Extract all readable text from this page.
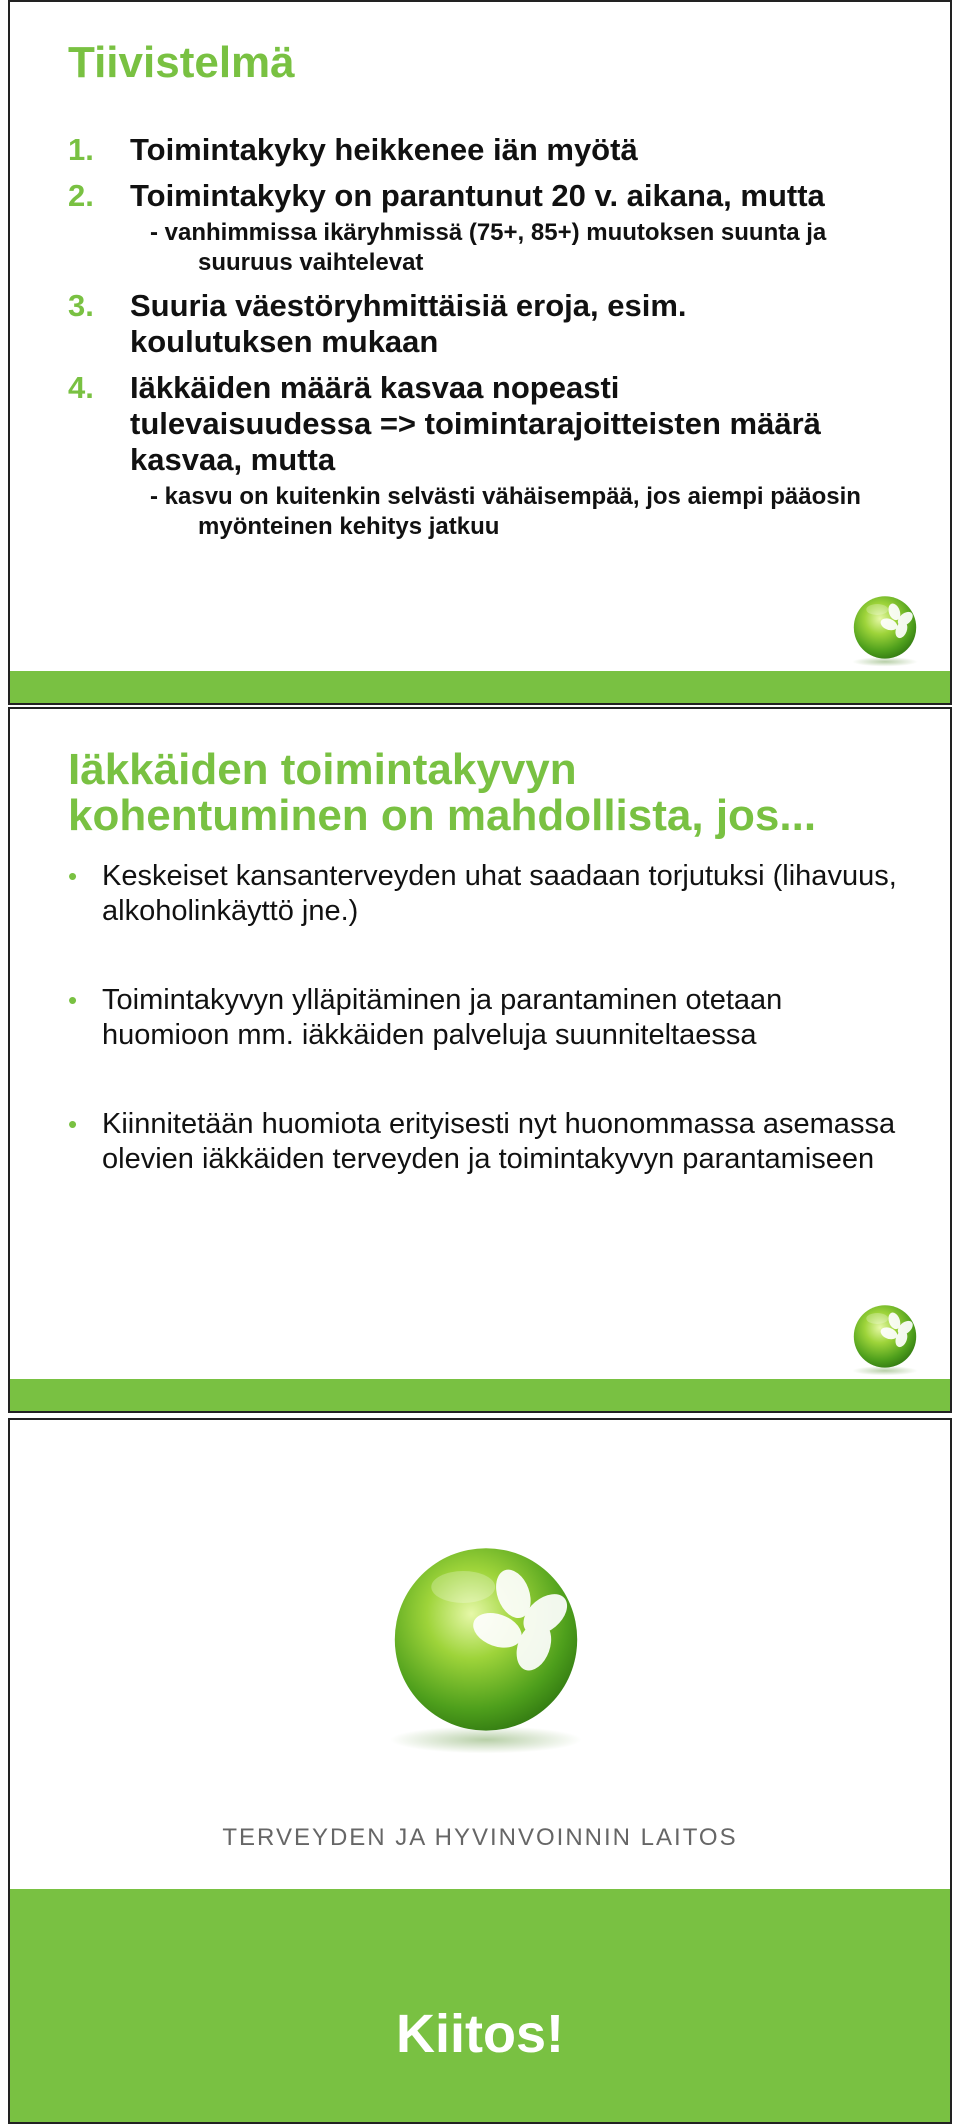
Tiivistelmä
1. Toimintakyky heikkenee iän myötä
2. Toimintakyky on parantunut 20 v. aikana, mutta
- vanhimmissa ikäryhmissä (75+, 85+) muutoksen suunta ja suuruus vaihtelevat
3. Suuria väestöryhmittäisiä eroja, esim. koulutuksen mukaan
4. Iäkkäiden määrä kasvaa nopeasti tulevaisuudessa => toimintarajoitteisten määrä kasvaa, mutta
- kasvu on kuitenkin selvästi vähäisempää, jos aiempi pääosin myönteinen kehitys jatkuu
Iäkkäiden toimintakyvyn kohentuminen on mahdollista, jos...
• Keskeiset kansanterveyden uhat saadaan torjutuksi (lihavuus, alkoholinkäyttö jne.)
• Toimintakyvyn ylläpitäminen ja parantaminen otetaan huomioon mm. iäkkäiden palveluja suunniteltaessa
• Kiinnitetään huomiota erityisesti nyt huonommassa asemassa olevien iäkkäiden terveyden ja toimintakyvyn parantamiseen
TERVEYDEN JA HYVINVOINNIN LAITOS
Kiitos!
